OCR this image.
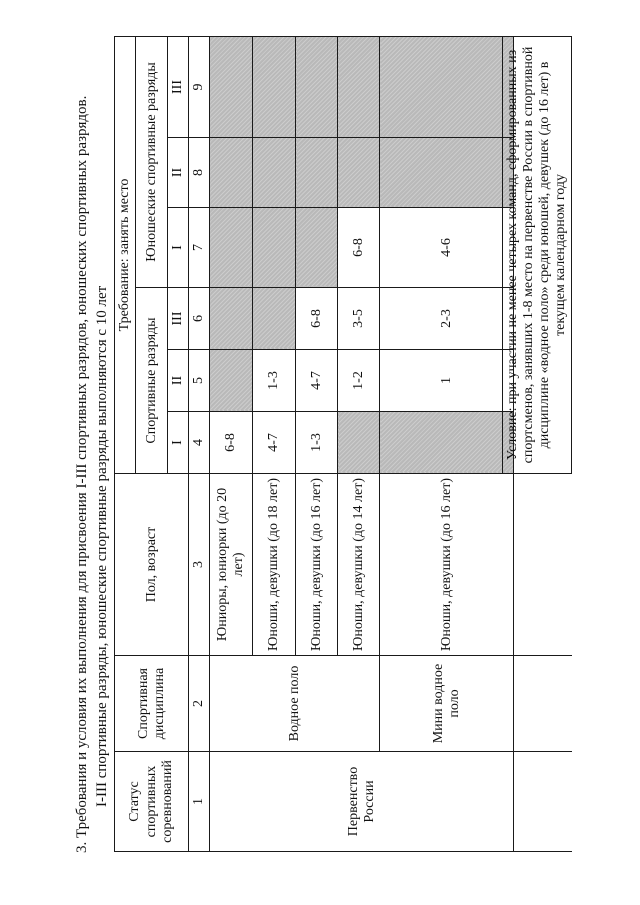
3. Требования и условия их выполнения для присвоения I-III спортивных разрядов, юношеских спортивных разрядов. I-III спортивные разряды, юношеские спортивные разряды выполняются с 10 лет Статус спортивных соревнований	Спортивная дисциплина	Пол, возраст	Требование: занять место					
			Спортивные разряды			Юношеские спортивные разряды		
			I	II	III	I	II	III
1	2	3	4	5	6	7	8	9
Первенство России	Водное поло	Юниоры, юниорки (до 20 лет)	6-8					
		Юноши, девушки (до 18 лет)	4-7	1-3				
		Юноши, девушки (до 16 лет)	1-3	4-7	6-8			
		Юноши, девушки (до 14 лет)		1-2	3-5	6-8		
	Мини водное поло	Юноши, девушки (до 16 лет)		1	2-3	4-6		
				Условие: при участии не менее четырех команд, сформированных из спортсменов, занявших 1-8 место на первенстве России в спортивной дисциплине «водное поло» среди юношей, девушек (до 16 лет) в текущем календарном году
